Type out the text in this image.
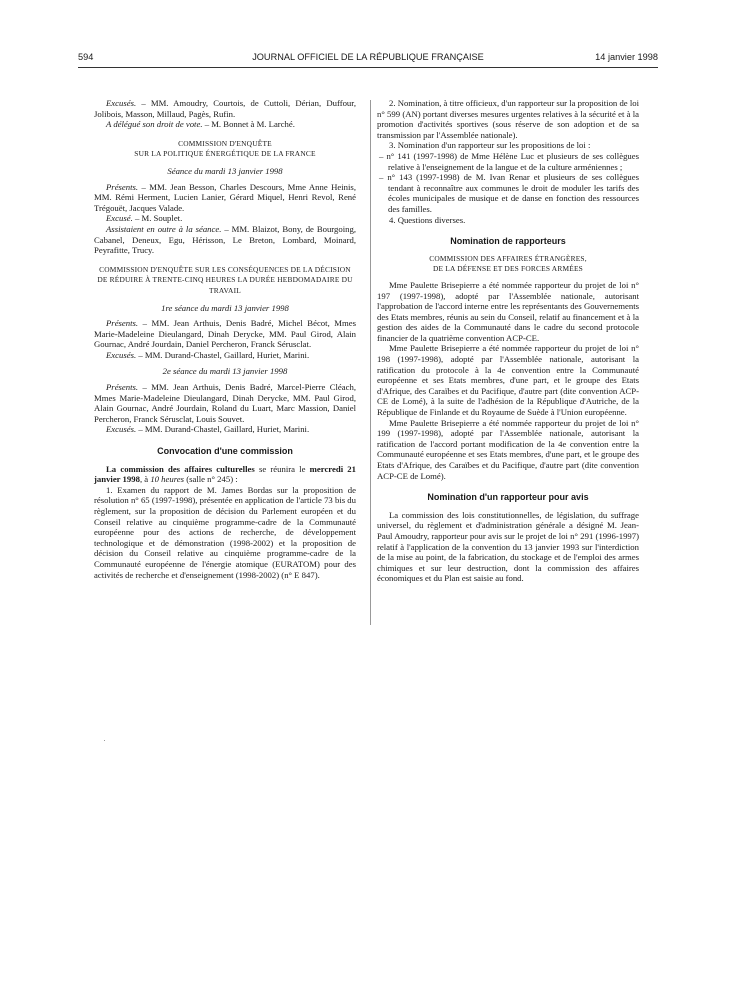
594	JOURNAL OFFICIEL DE LA RÉPUBLIQUE FRANÇAISE	14 janvier 1998

Excusés. – MM. Amoudry, Courtois, de Cuttoli, Dérian, Duffour, Jolibois, Masson, Millaud, Pagès, Rufin.

A délégué son droit de vote. – M. Bonnet à M. Larché.

COMMISSION D'ENQUÊTE
SUR LA POLITIQUE ÉNERGÉTIQUE DE LA FRANCE
Séance du mardi 13 janvier 1998

Présents. – MM. Jean Besson, Charles Descours, Mme Anne Heinis, MM. Rémi Herment, Lucien Lanier, Gérard Miquel, Henri Revol, René Trégouët, Jacques Valade.

Excusé. – M. Souplet.

Assistaient en outre à la séance. – MM. Blaizot, Bony, de Bourgoing, Cabanel, Deneux, Egu, Hérisson, Le Breton, Lombard, Moinard, Peyrafitte, Trucy.

COMMISSION D'ENQUÊTE SUR LES CONSÉQUENCES DE LA DÉCISION DE RÉDUIRE À TRENTE-CINQ HEURES LA DURÉE HEBDOMADAIRE DU TRAVAIL
1re séance du mardi 13 janvier 1998

Présents. – MM. Jean Arthuis, Denis Badré, Michel Bécot, Mmes Marie-Madeleine Dieulangard, Dinah Derycke, MM. Paul Girod, Alain Gournac, André Jourdain, Daniel Percheron, Franck Sérusclat.

Excusés. – MM. Durand-Chastel, Gaillard, Huriet, Marini.

2e séance du mardi 13 janvier 1998

Présents. – MM. Jean Arthuis, Denis Badré, Marcel-Pierre Cléach, Mmes Marie-Madeleine Dieulangard, Dinah Derycke, MM. Paul Girod, Alain Gournac, André Jourdain, Roland du Luart, Marc Massion, Daniel Percheron, Franck Sérusclat, Louis Souvet.

Excusés. – MM. Durand-Chastel, Gaillard, Huriet, Marini.

Convocation d'une commission

La commission des affaires culturelles se réunira le mercredi 21 janvier 1998, à 10 heures (salle n° 245) :

1. Examen du rapport de M. James Bordas sur la proposition de résolution n° 65 (1997-1998), présentée en application de l'article 73 bis du règlement, sur la proposition de décision du Parlement européen et du Conseil relative au cinquième programme-cadre de la Communauté européenne pour des actions de recherche, de développement technologique et de démonstration (1998-2002) et la proposition de décision du Conseil relative au cinquième programme-cadre de la Communauté européenne de l'énergie atomique (EURATOM) pour des activités de recherche et d'enseignement (1998-2002) (n° E 847).

2. Nomination, à titre officieux, d'un rapporteur sur la proposition de loi n° 599 (AN) portant diverses mesures urgentes relatives à la sécurité et à la promotion d'activités sportives (sous réserve de son adoption et de sa transmission par l'Assemblée nationale).

3. Nomination d'un rapporteur sur les propositions de loi :

– n° 141 (1997-1998) de Mme Hélène Luc et plusieurs de ses collègues relative à l'enseignement de la langue et de la culture arméniennes ;

– n° 143 (1997-1998) de M. Ivan Renar et plusieurs de ses collègues tendant à reconnaître aux communes le droit de moduler les tarifs des écoles municipales de musique et de danse en fonction des ressources des familles.

4. Questions diverses.

Nomination de rapporteurs
COMMISSION DES AFFAIRES ÉTRANGÈRES,
DE LA DÉFENSE ET DES FORCES ARMÉES

Mme Paulette Brisepierre a été nommée rapporteur du projet de loi n° 197 (1997-1998), adopté par l'Assemblée nationale, autorisant l'approbation de l'accord interne entre les représentants des Gouvernements des Etats membres, réunis au sein du Conseil, relatif au financement et à la gestion des aides de la Communauté dans le cadre du second protocole financier de la quatrième convention ACP-CE.

Mme Paulette Brisepierre a été nommée rapporteur du projet de loi n° 198 (1997-1998), adopté par l'Assemblée nationale, autorisant la ratification du protocole à la 4e convention entre la Communauté européenne et ses Etats membres, d'une part, et le groupe des Etats d'Afrique, des Caraïbes et du Pacifique, d'autre part (dite convention ACP-CE de Lomé), à la suite de l'adhésion de la République d'Autriche, de la République de Finlande et du Royaume de Suède à l'Union européenne.

Mme Paulette Brisepierre a été nommée rapporteur du projet de loi n° 199 (1997-1998), adopté par l'Assemblée nationale, autorisant la ratification de l'accord portant modification de la 4e convention entre la Communauté européenne et ses Etats membres, d'une part, et le groupe des Etats d'Afrique, des Caraïbes et du Pacifique, d'autre part (dite convention ACP-CE de Lomé).

Nomination d'un rapporteur pour avis

La commission des lois constitutionnelles, de législation, du suffrage universel, du règlement et d'administration générale a désigné M. Jean-Paul Amoudry, rapporteur pour avis sur le projet de loi n° 291 (1996-1997) relatif à l'application de la convention du 13 janvier 1993 sur l'interdiction de la mise au point, de la fabrication, du stockage et de l'emploi des armes chimiques et sur leur destruction, dont la commission des affaires économiques et du Plan est saisie au fond.
